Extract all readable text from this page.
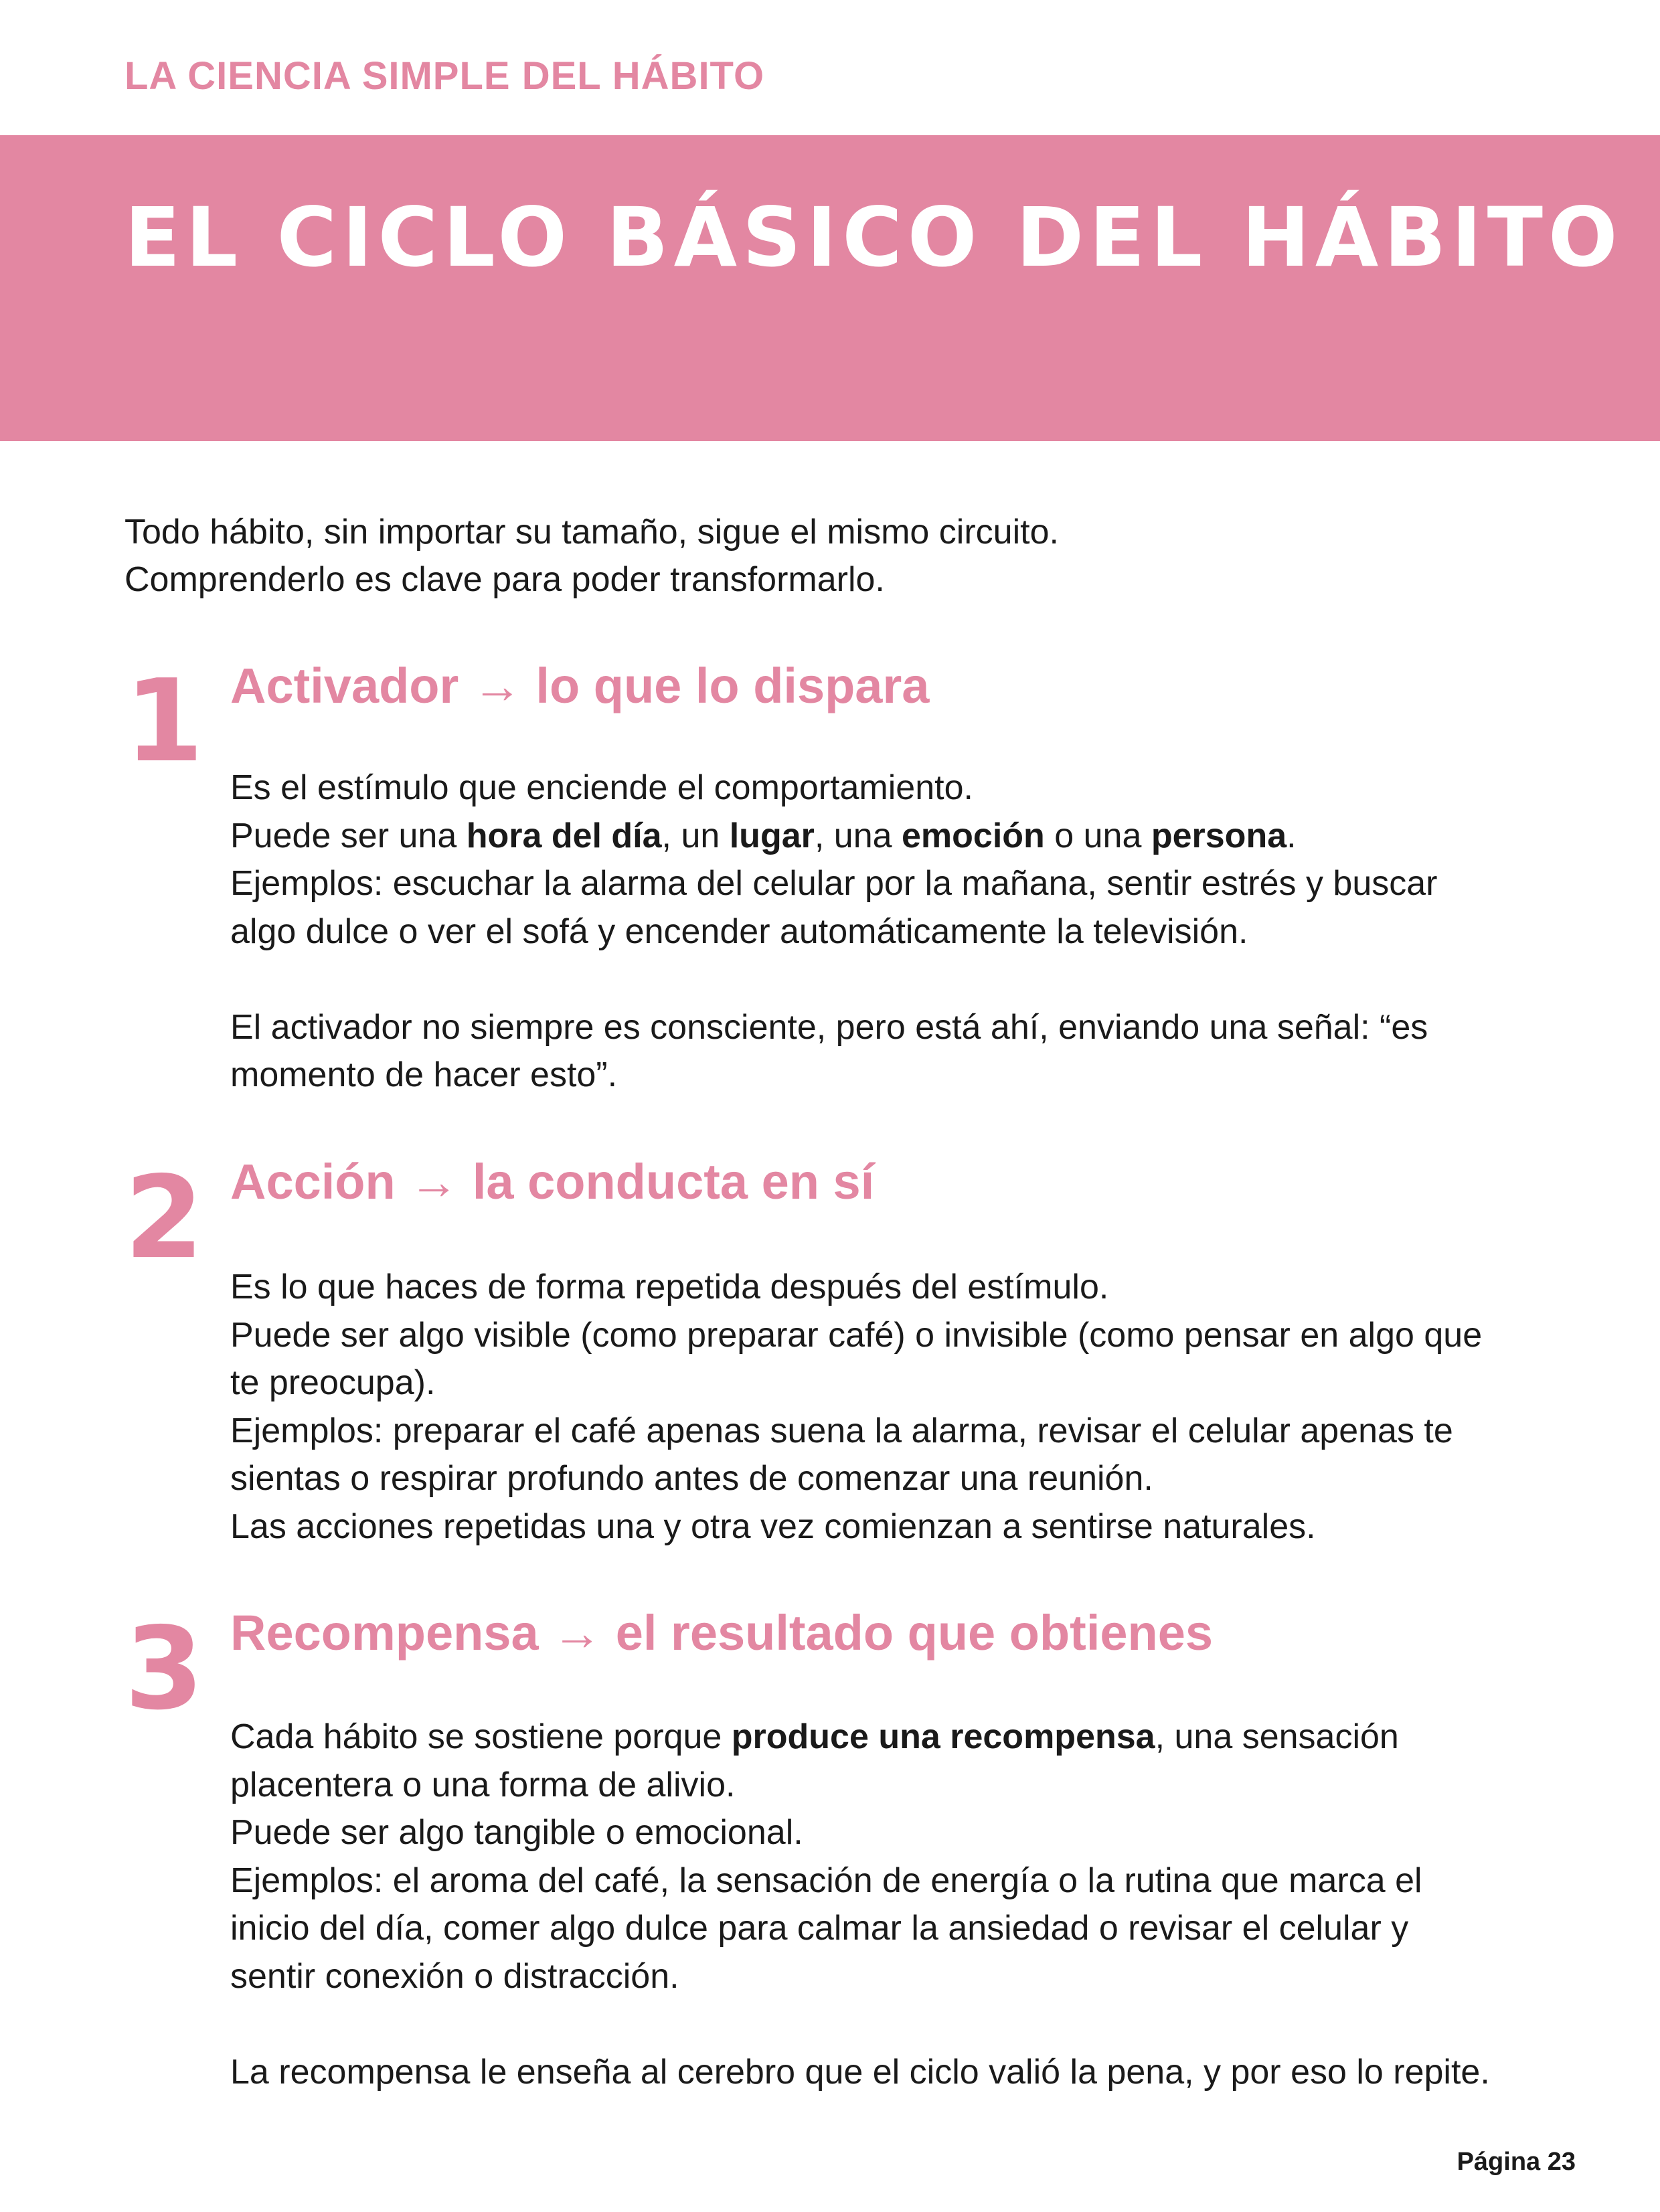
LA CIENCIA SIMPLE DEL HÁBITO
EL CICLO BÁSICO DEL HÁBITO

Todo hábito, sin importar su tamaño, sigue el mismo circuito.

Comprenderlo es clave para poder transformarlo.

1 Activador → lo que lo dispara
Es el estímulo que enciende el comportamiento.
Puede ser una hora del día, un lugar, una emoción o una persona.
Ejemplos: escuchar la alarma del celular por la mañana, sentir estrés y buscar
algo dulce o ver el sofá y encender automáticamente la televisión.
El activador no siempre es consciente, pero está ahí, enviando una señal: “es
momento de hacer esto”.
2 Acción → la conducta en sí
Es lo que haces de forma repetida después del estímulo.
Puede ser algo visible (como preparar café) o invisible (como pensar en algo que
te preocupa).
Ejemplos: preparar el café apenas suena la alarma, revisar el celular apenas te
sientas o respirar profundo antes de comenzar una reunión.
Las acciones repetidas una y otra vez comienzan a sentirse naturales.
3 Recompensa → el resultado que obtienes
Cada hábito se sostiene porque produce una recompensa, una sensación
placentera o una forma de alivio.
Puede ser algo tangible o emocional.
Ejemplos: el aroma del café, la sensación de energía o la rutina que marca el
inicio del día, comer algo dulce para calmar la ansiedad o revisar el celular y
sentir conexión o distracción.
La recompensa le enseña al cerebro que el ciclo valió la pena, y por eso lo repite.
Página 23
